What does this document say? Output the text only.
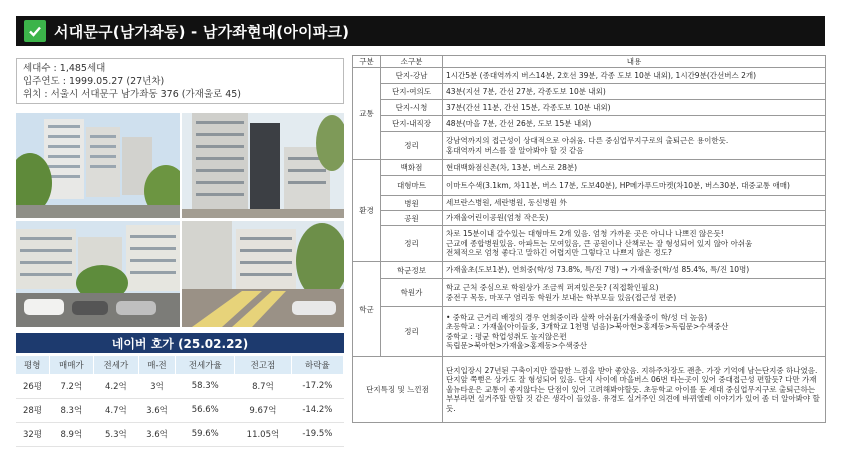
서대문구(남가좌동) - 남가좌현대(아이파크)
세대수 : 1,485세대
입주연도 : 1999.05.27 (27년차)
위치 : 서울시 서대문구 남가좌동 376 (가재울로 45)
네이버 호가 (25.02.22)
평형	매매가	전세가	매-전	전세가율	전고점	하락율
26평	7.2억	4.2억	3억	58.3%	8.7억	-17.2%
28평	8.3억	4.7억	3.6억	56.6%	9.67억	-14.2%
32평	8.9억	5.3억	3.6억	59.6%	11.05억	-19.5%
구분	소구분	내용
교통	단지-강남	1시간5분 (종대역까지 버스14분, 2호선 39분, 각종 도보 10분 내외), 1시간9분(간선버스 2개)
	단지-여의도	43분(지선 7분, 간선 27분, 각종도보 10분 내외)
	단지-시청	37분(간선 11분, 간선 15분, 각종도보 10분 내외)
	단지-내직장	48분(마을 7분, 간선 26분, 도보 15분 내외)
	정리	강남역까지의 접근성이 상대적으로 아쉬움. 다른 중심업무지구로의 출퇴근은 용이한듯.
홍대역까지 버스를 잘 알아봐야 할 것 같음
환경	백화점	현대백화점신촌(차, 13분, 버스로 28분)
	대형마트	이마트수색(3.1km, 차11분, 버스 17분, 도보40분), HP메가푸드마켓(차10분, 버스30분, 대중교통 애매)
	병원	세브란스병원, 세란병원, 동신병원 外
	공원	가재울어린이공원(엄청 작은듯)
	정리	차로 15분이내 갈수있는 대형마트 2개 있음. 엄청 가까운 곳은 아니나 나쁘진 않은듯!
근교에 종합병원있음. 아파트는 모여있음, 큰 공원이나 산책로는 잘 형성되어 있지 않아 아쉬움
전체적으로 엄청 좋다고 말하긴 어렵지만 그렇다고 나쁘지 않은 정도?
학군	학군정보	가재울초(도보1분), 연희중(학/성 73.8%, 특/진 7명) → 가재울중(학/성 85.4%, 특/진 10명)
	학원가	학교 근처 중심으로 학원상가 조금씩 퍼져있은듯? (직접확인필요)
중전구 목동, 마포구 염리동 학원가 보내는 학부모들 있음(접근성 편준)
	정리	• 중학교 근거리 배정의 경우 연희중이라 살짝 아쉬움(가재울중이 학/성 더 높음)
초등학교 : 가재울(아이들多, 3개학교 1천명 넘음)>북아현>홍제동>독립문>수색중산
중학교 : 평균 학업성취도 높지않은편
독립문>북아현>가재울>홍제동>수색중산
단지특징 및 느낀점		단지입장시 27년된 구축이지만 깔끔한 느낌을 받아 좋았음. 지하주차장도 괜춘. 가장 기억에 남는단지중 하나였음. 단지앞 쭉뻗은 상가도 잘 형성되어 있음. 단지 사이에 마을버스 06번 타는곳이 있어 중대접근성 편할듯? 다만 가재울뉴타운은 교통이 좋지않다는 단점이 있어 고려해봐야할듯. 초등학교 아이를 둔 세대 중심업무지구로 출퇴근하는 부부라면 실거주할 만할 것 같은 생각이 들었음. 유경도 실거주인 의견에 바뀌엘레 이야기가 있어 좀 더 알아봐야 할 듯.
